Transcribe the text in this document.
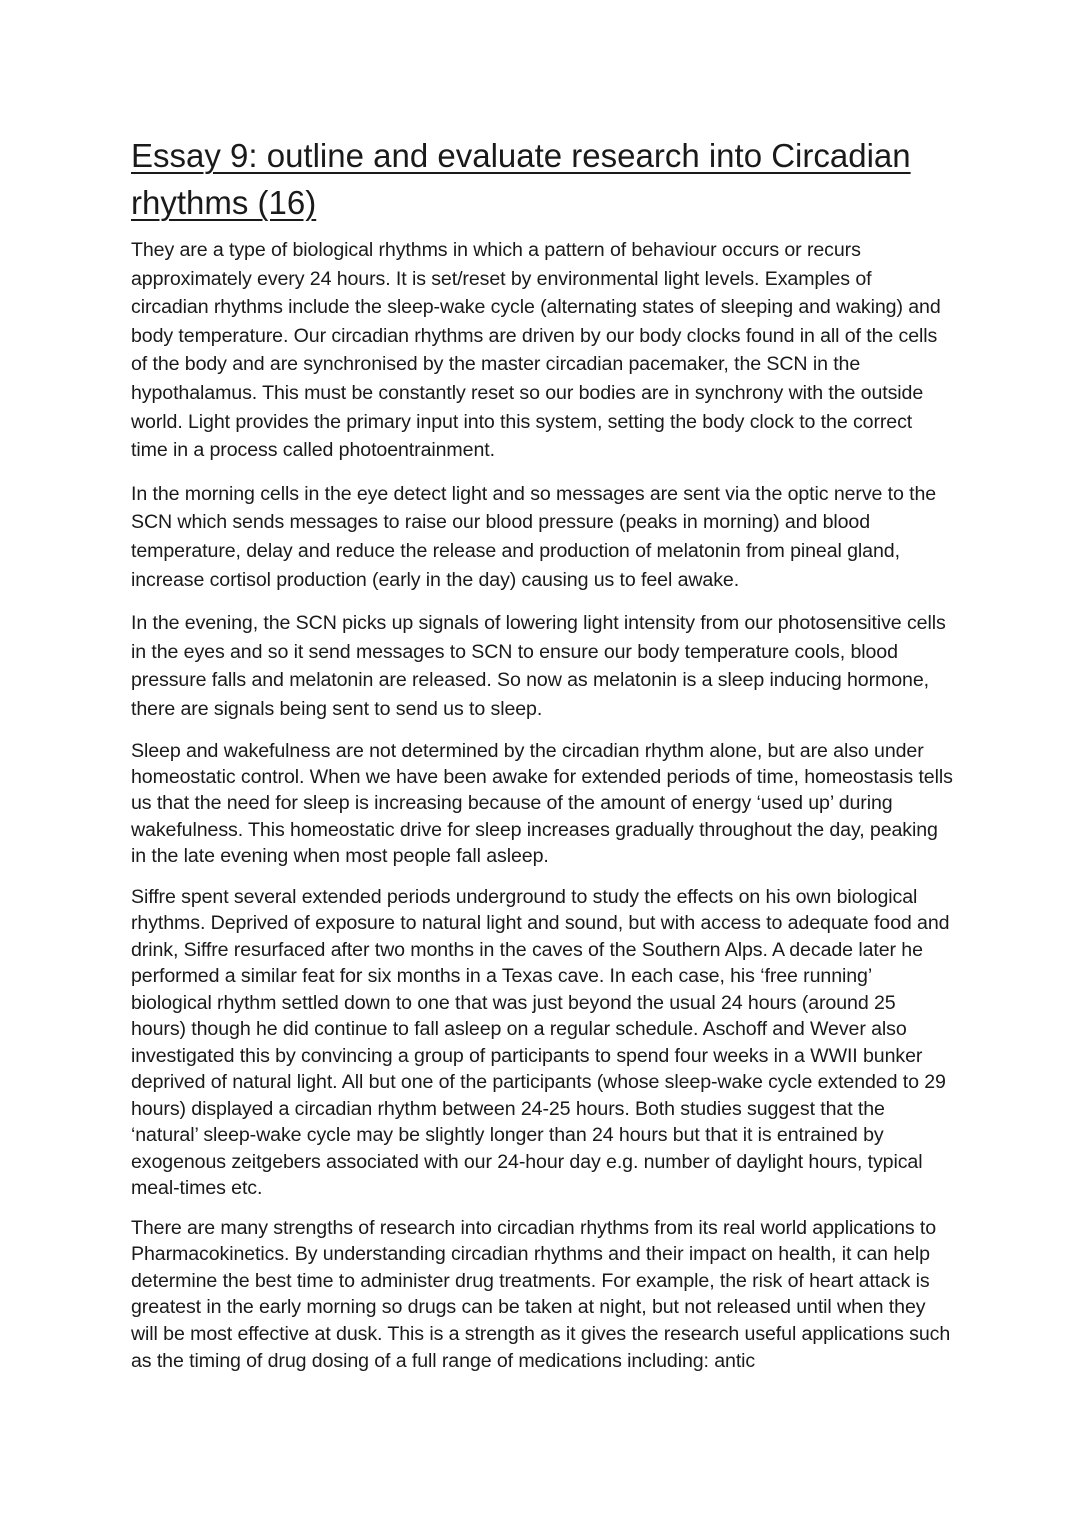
Essay 9: outline and evaluate research into Circadian
rhythms (16)

They are a type of biological rhythms in which a pattern of behaviour occurs or recurs approximately every 24 hours. It is set/reset by environmental light levels. Examples of circadian rhythms include the sleep-wake cycle (alternating states of sleeping and waking) and body temperature. Our circadian rhythms are driven by our body clocks found in all of the cells of the body and are synchronised by the master circadian pacemaker, the SCN in the hypothalamus. This must be constantly reset so our bodies are in synchrony with the outside world. Light provides the primary input into this system, setting the body clock to the correct time in a process called photoentrainment.

In the morning cells in the eye detect light and so messages are sent via the optic nerve to the SCN which sends messages to raise our blood pressure (peaks in morning) and blood temperature, delay and reduce the release and production of melatonin from pineal gland, increase cortisol production (early in the day) causing us to feel awake.

In the evening, the SCN picks up signals of lowering light intensity from our photosensitive cells in the eyes and so it send messages to SCN to ensure our body temperature cools, blood pressure falls and melatonin are released. So now as melatonin is a sleep inducing hormone, there are signals being sent to send us to sleep.

Sleep and wakefulness are not determined by the circadian rhythm alone, but are also under homeostatic control. When we have been awake for extended periods of time, homeostasis tells us that the need for sleep is increasing because of the amount of energy ‘used up’ during wakefulness. This homeostatic drive for sleep increases gradually throughout the day, peaking in the late evening when most people fall asleep.

Siffre spent several extended periods underground to study the effects on his own biological rhythms. Deprived of exposure to natural light and sound, but with access to adequate food and drink, Siffre resurfaced after two months in the caves of the Southern Alps. A decade later he performed a similar feat for six months in a Texas cave. In each case, his ‘free running’ biological rhythm settled down to one that was just beyond the usual 24 hours (around 25 hours) though he did continue to fall asleep on a regular schedule. Aschoff and Wever also investigated this by convincing a group of participants to spend four weeks in a WWII bunker deprived of natural light. All but one of the participants (whose sleep-wake cycle extended to 29 hours) displayed a circadian rhythm between 24-25 hours. Both studies suggest that the ‘natural’ sleep-wake cycle may be slightly longer than 24 hours but that it is entrained by exogenous zeitgebers associated with our 24-hour day e.g. number of daylight hours, typical meal-times etc.

There are many strengths of research into circadian rhythms from its real world applications to Pharmacokinetics. By understanding circadian rhythms and their impact on health, it can help determine the best time to administer drug treatments. For example, the risk of heart attack is greatest in the early morning so drugs can be taken at night, but not released until when they will be most effective at dusk. This is a strength as it gives the research useful applications such as the timing of drug dosing of a full range of medications including: antic
